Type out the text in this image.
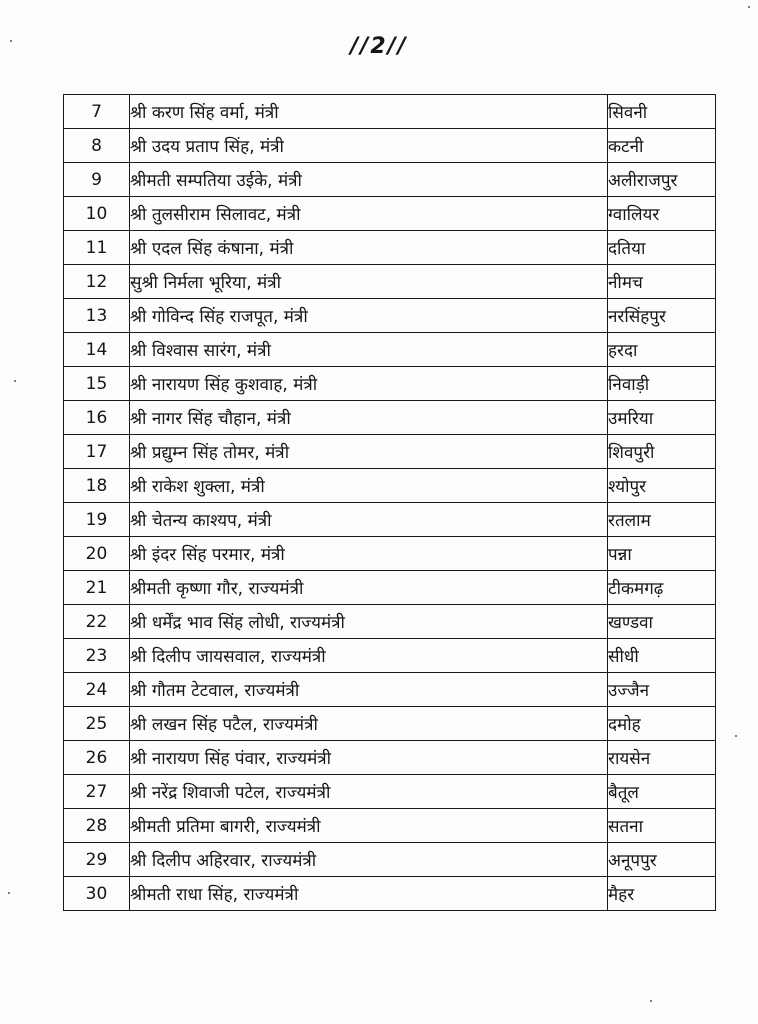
//2//
7	श्री करण सिंह वर्मा, मंत्री	सिवनी
8	श्री उदय प्रताप सिंह, मंत्री	कटनी
9	श्रीमती सम्पतिया उईके, मंत्री	अलीराजपुर
10	श्री तुलसीराम सिलावट, मंत्री	ग्वालियर
11	श्री एदल सिंह कंषाना, मंत्री	दतिया
12	सुश्री निर्मला भूरिया, मंत्री	नीमच
13	श्री गोविन्द सिंह राजपूत, मंत्री	नरसिंहपुर
14	श्री विश्वास सारंग, मंत्री	हरदा
15	श्री नारायण सिंह कुशवाह, मंत्री	निवाड़ी
16	श्री नागर सिंह चौहान, मंत्री	उमरिया
17	श्री प्रद्युम्न सिंह तोमर, मंत्री	शिवपुरी
18	श्री राकेश शुक्ला, मंत्री	श्योपुर
19	श्री चेतन्य काश्यप, मंत्री	रतलाम
20	श्री इंदर सिंह परमार, मंत्री	पन्ना
21	श्रीमती कृष्णा गौर, राज्यमंत्री	टीकमगढ़
22	श्री धर्मेंद्र भाव सिंह लोधी, राज्यमंत्री	खण्डवा
23	श्री दिलीप जायसवाल, राज्यमंत्री	सीधी
24	श्री गौतम टेटवाल, राज्यमंत्री	उज्जैन
25	श्री लखन सिंह पटैल, राज्यमंत्री	दमोह
26	श्री नारायण सिंह पंवार, राज्यमंत्री	रायसेन
27	श्री नरेंद्र शिवाजी पटेल, राज्यमंत्री	बैतूल
28	श्रीमती प्रतिमा बागरी, राज्यमंत्री	सतना
29	श्री दिलीप अहिरवार, राज्यमंत्री	अनूपपुर
30	श्रीमती राधा सिंह, राज्यमंत्री	मैहर
